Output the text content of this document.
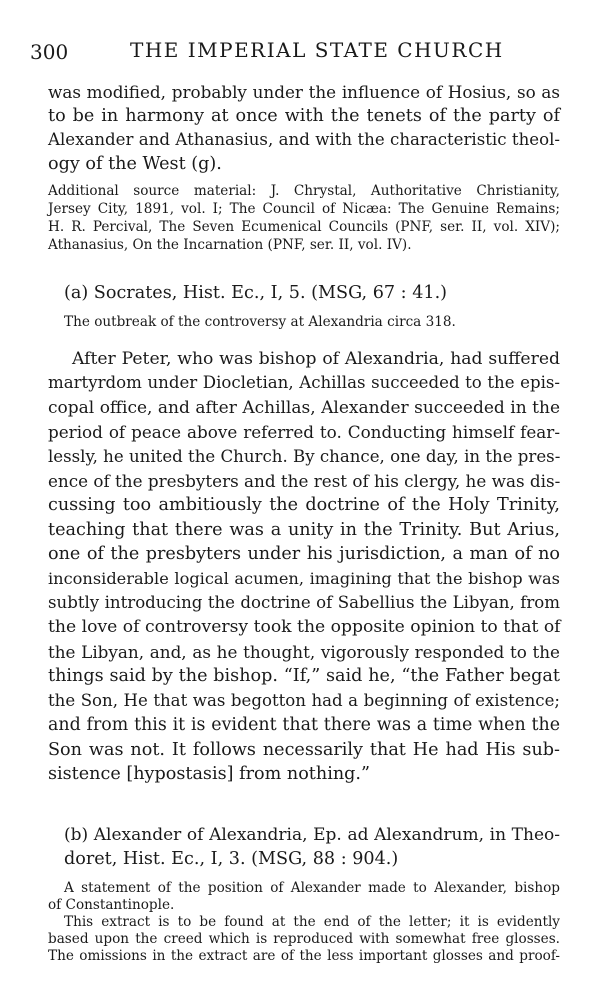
300	THE IMPERIAL STATE CHURCH

was modified, probably under the influence of Hosius, so as
to be in harmony at once with the tenets of the party of
Alexander and Athanasius, and with the characteristic theol-
ogy of the West (g).

Additional source material: J. Chrystal, Authoritative Christianity,
Jersey City, 1891, vol. I; The Council of Nicæa: The Genuine Remains;
H. R. Percival, The Seven Ecumenical Councils (PNF, ser. II, vol. XIV);
Athanasius, On the Incarnation (PNF, ser. II, vol. IV).

(a) Socrates, Hist. Ec., I, 5. (MSG, 67 : 41.)
The outbreak of the controversy at Alexandria circa 318.

After Peter, who was bishop of Alexandria, had suffered
martyrdom under Diocletian, Achillas succeeded to the epis-
copal office, and after Achillas, Alexander succeeded in the
period of peace above referred to. Conducting himself fear-
lessly, he united the Church. By chance, one day, in the pres-
ence of the presbyters and the rest of his clergy, he was dis-
cussing too ambitiously the doctrine of the Holy Trinity,
teaching that there was a unity in the Trinity. But Arius,
one of the presbyters under his jurisdiction, a man of no
inconsiderable logical acumen, imagining that the bishop was
subtly introducing the doctrine of Sabellius the Libyan, from
the love of controversy took the opposite opinion to that of
the Libyan, and, as he thought, vigorously responded to the
things said by the bishop. “If,” said he, “the Father begat
the Son, He that was begotton had a beginning of existence;
and from this it is evident that there was a time when the
Son was not. It follows necessarily that He had His sub-
sistence [hypostasis] from nothing.”

(b) Alexander of Alexandria, Ep. ad Alexandrum, in Theo-
doret, Hist. Ec., I, 3. (MSG, 88 : 904.)

A statement of the position of Alexander made to Alexander, bishop
of Constantinople.
This extract is to be found at the end of the letter; it is evidently
based upon the creed which is reproduced with somewhat free glosses.
The omissions in the extract are of the less important glosses and proof-
